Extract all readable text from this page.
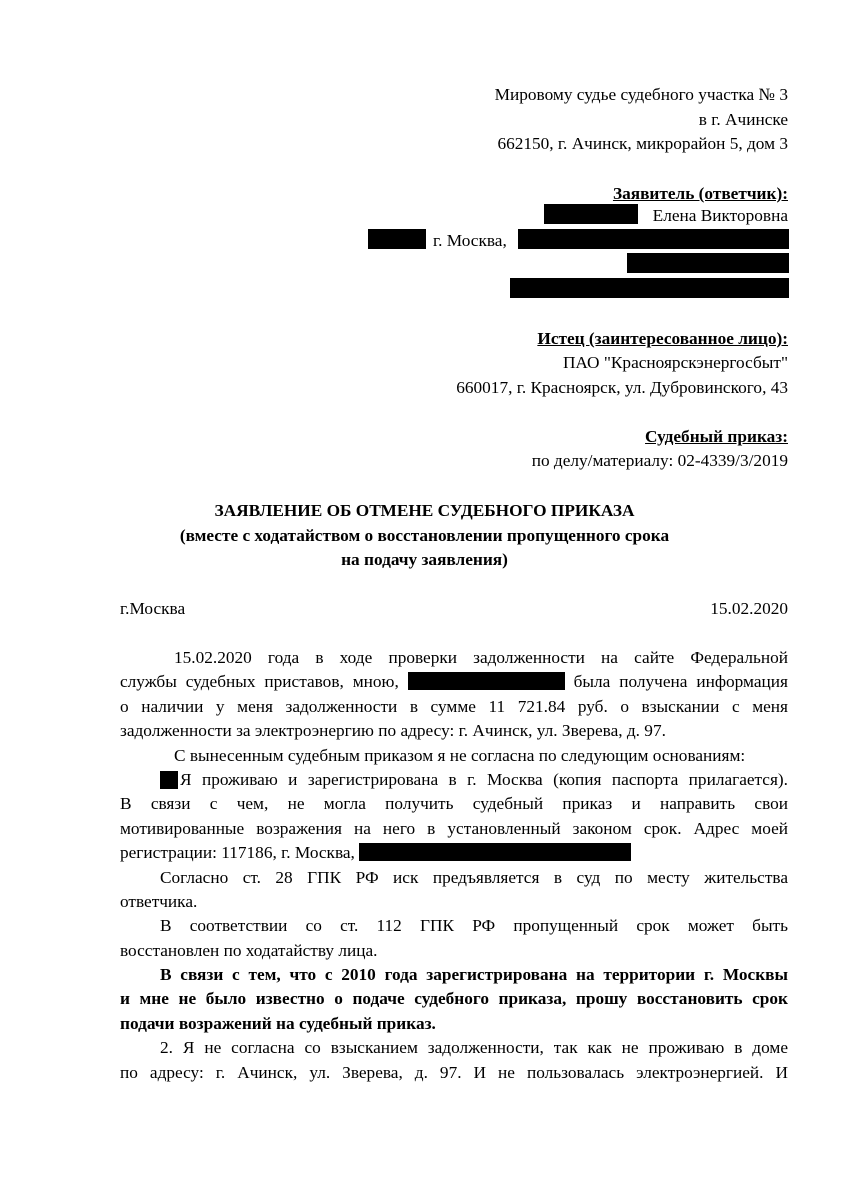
Мировому судье судебного участка № 3
в г. Ачинске
662150, г. Ачинск, микрорайон 5, дом 3
Заявитель (ответчик):
Елена Викторовна
г. Москва,
Истец (заинтересованное лицо):
ПАО "Красноярскэнергосбыт"
660017, г. Красноярск, ул. Дубровинского, 43
Судебный приказ:
по делу/материалу: 02-4339/3/2019
ЗАЯВЛЕНИЕ ОБ ОТМЕНЕ СУДЕБНОГО ПРИКАЗА
(вместе с ходатайством о восстановлении пропущенного срока
на подачу заявления)
г.Москва	15.02.2020
15.02.2020 года в ходе проверки задолженности на сайте Федеральной
службы судебных приставов, мною,	была получена информация
о наличии у меня задолженности в сумме 11 721.84 руб. о взыскании с меня
задолженности за электроэнергию по адресу: г. Ачинск, ул. Зверева, д. 97.
С вынесенным судебным приказом я не согласна по следующим основаниям:
Я проживаю и зарегистрирована в г. Москва (копия паспорта прилагается).
В связи с чем, не могла получить судебный приказ и направить свои
мотивированные возражения на него в установленный законом срок. Адрес моей
регистрации: 117186, г. Москва,
Согласно ст. 28 ГПК РФ иск предъявляется в суд по месту жительства
ответчика.
В соответствии со ст. 112 ГПК РФ пропущенный срок может быть
восстановлен по ходатайству лица.
В связи с тем, что с 2010 года зарегистрирована на территории г. Москвы
и мне не было известно о подаче судебного приказа, прошу восстановить срок
подачи возражений на судебный приказ.
2. Я не согласна со взысканием задолженности, так как не проживаю в доме
по адресу: г. Ачинск, ул. Зверева, д. 97. И не пользовалась электроэнергией. И
